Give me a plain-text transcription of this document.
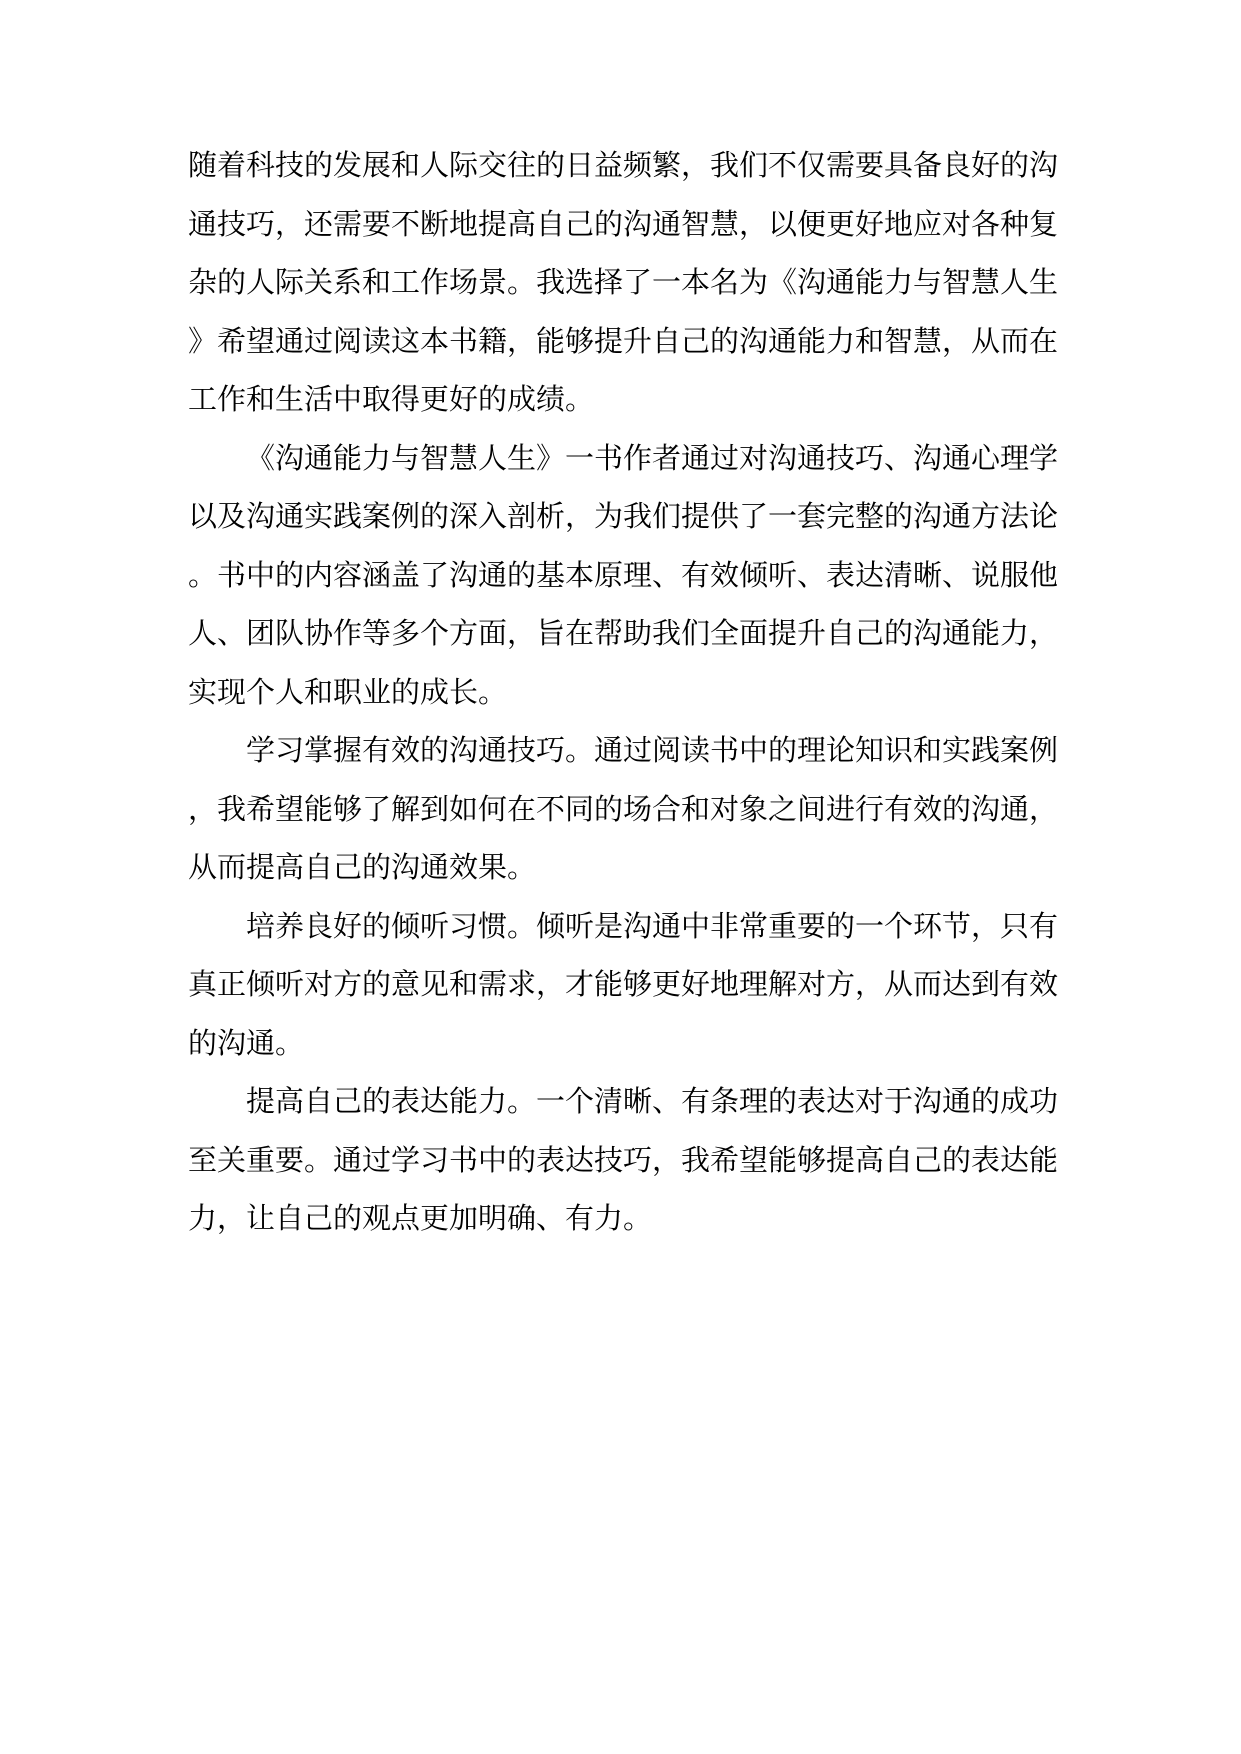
随着科技的发展和人际交往的日益频繁，我们不仅需要具备良好的沟通技巧，还需要不断地提高自己的沟通智慧，以便更好地应对各种复杂的人际关系和工作场景。我选择了一本名为《沟通能力与智慧人生》希望通过阅读这本书籍，能够提升自己的沟通能力和智慧，从而在工作和生活中取得更好的成绩。

《沟通能力与智慧人生》一书作者通过对沟通技巧、沟通心理学以及沟通实践案例的深入剖析，为我们提供了一套完整的沟通方法论。书中的内容涵盖了沟通的基本原理、有效倾听、表达清晰、说服他人、团队协作等多个方面，旨在帮助我们全面提升自己的沟通能力，实现个人和职业的成长。

学习掌握有效的沟通技巧。通过阅读书中的理论知识和实践案例，我希望能够了解到如何在不同的场合和对象之间进行有效的沟通，从而提高自己的沟通效果。

培养良好的倾听习惯。倾听是沟通中非常重要的一个环节，只有真正倾听对方的意见和需求，才能够更好地理解对方，从而达到有效的沟通。

提高自己的表达能力。一个清晰、有条理的表达对于沟通的成功至关重要。通过学习书中的表达技巧，我希望能够提高自己的表达能力，让自己的观点更加明确、有力。
